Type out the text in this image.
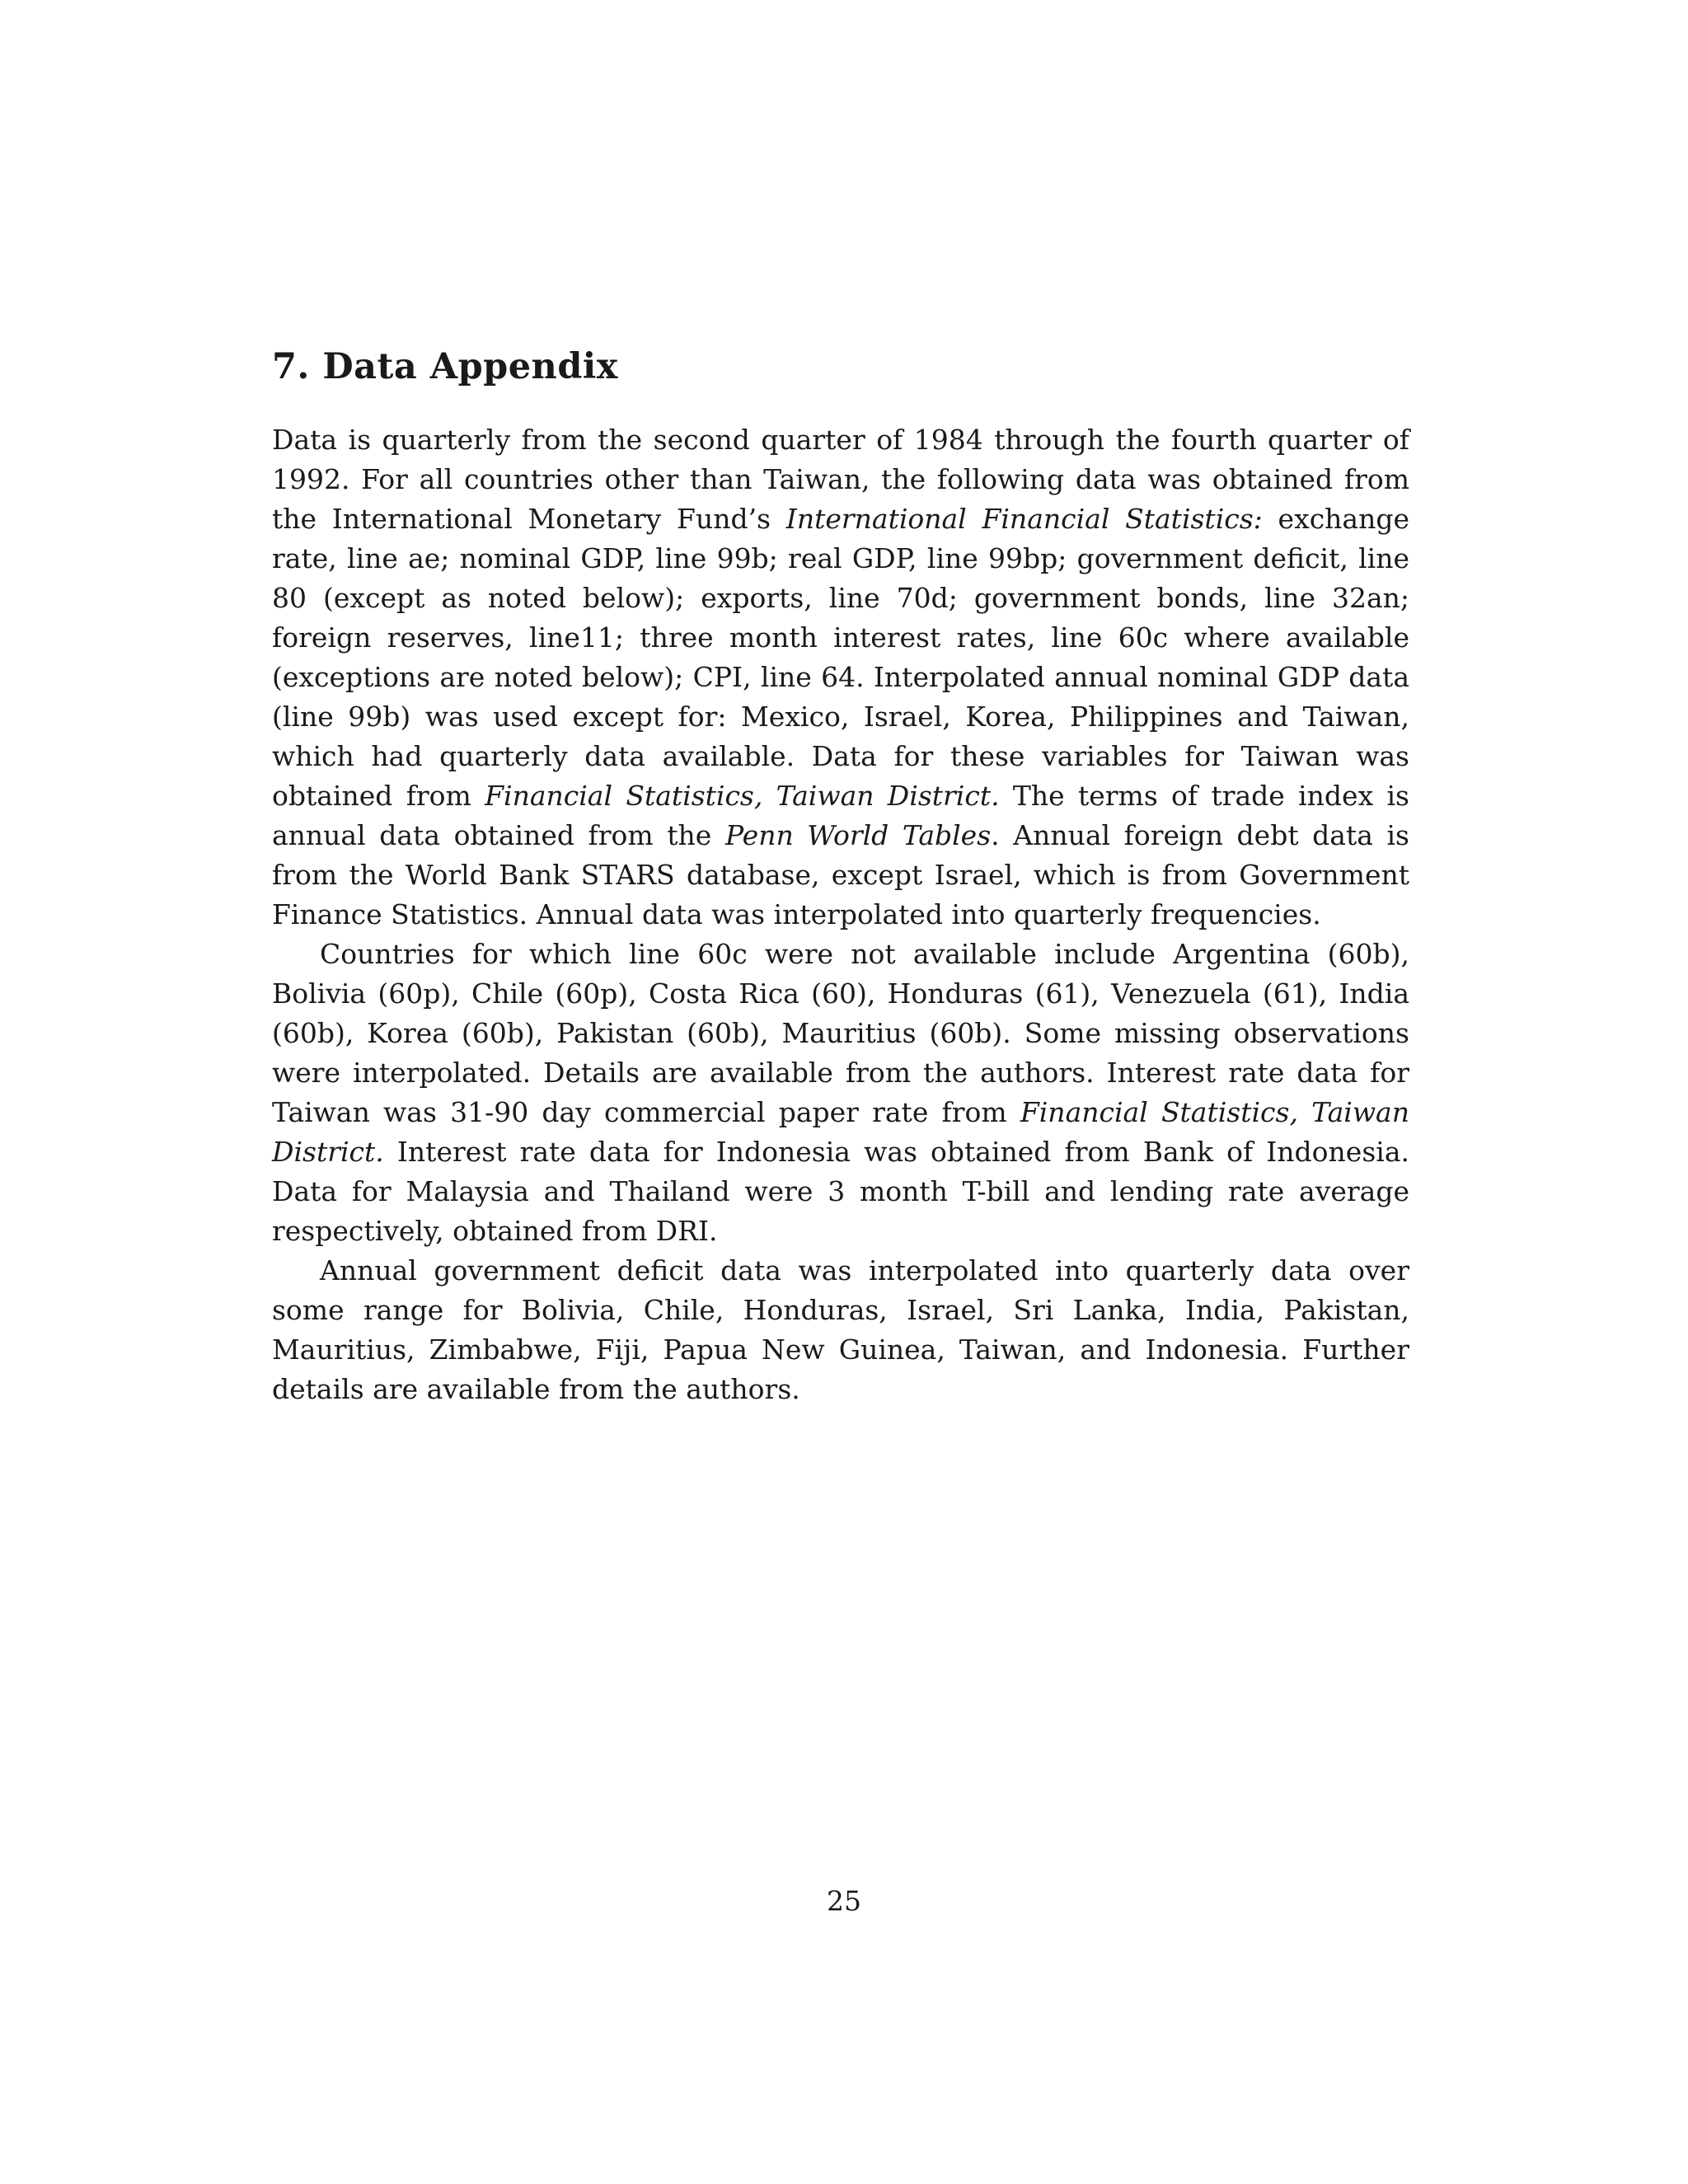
7. Data Appendix

Data is quarterly from the second quarter of 1984 through the fourth quarter of 1992. For all countries other than Taiwan, the following data was obtained from the International Monetary Fund’s International Financial Statistics: exchange rate, line ae; nominal GDP, line 99b; real GDP, line 99bp; government deficit, line 80 (except as noted below); exports, line 70d; government bonds, line 32an; foreign reserves, line11; three month interest rates, line 60c where available (exceptions are noted below); CPI, line 64. Interpolated annual nominal GDP data (line 99b) was used except for: Mexico, Israel, Korea, Philippines and Taiwan, which had quarterly data available. Data for these variables for Taiwan was obtained from Financial Statistics, Taiwan District. The terms of trade index is annual data obtained from the Penn World Tables. Annual foreign debt data is from the World Bank STARS database, except Israel, which is from Government Finance Statistics. Annual data was interpolated into quarterly frequencies.

Countries for which line 60c were not available include Argentina (60b), Bolivia (60p), Chile (60p), Costa Rica (60), Honduras (61), Venezuela (61), India (60b), Korea (60b), Pakistan (60b), Mauritius (60b). Some missing observations were interpolated. Details are available from the authors. Interest rate data for Taiwan was 31-90 day commercial paper rate from Financial Statistics, Taiwan District. Interest rate data for Indonesia was obtained from Bank of Indonesia. Data for Malaysia and Thailand were 3 month T-bill and lending rate average respectively, obtained from DRI.

Annual government deficit data was interpolated into quarterly data over some range for Bolivia, Chile, Honduras, Israel, Sri Lanka, India, Pakistan, Mauritius, Zimbabwe, Fiji, Papua New Guinea, Taiwan, and Indonesia. Further details are available from the authors.

25
